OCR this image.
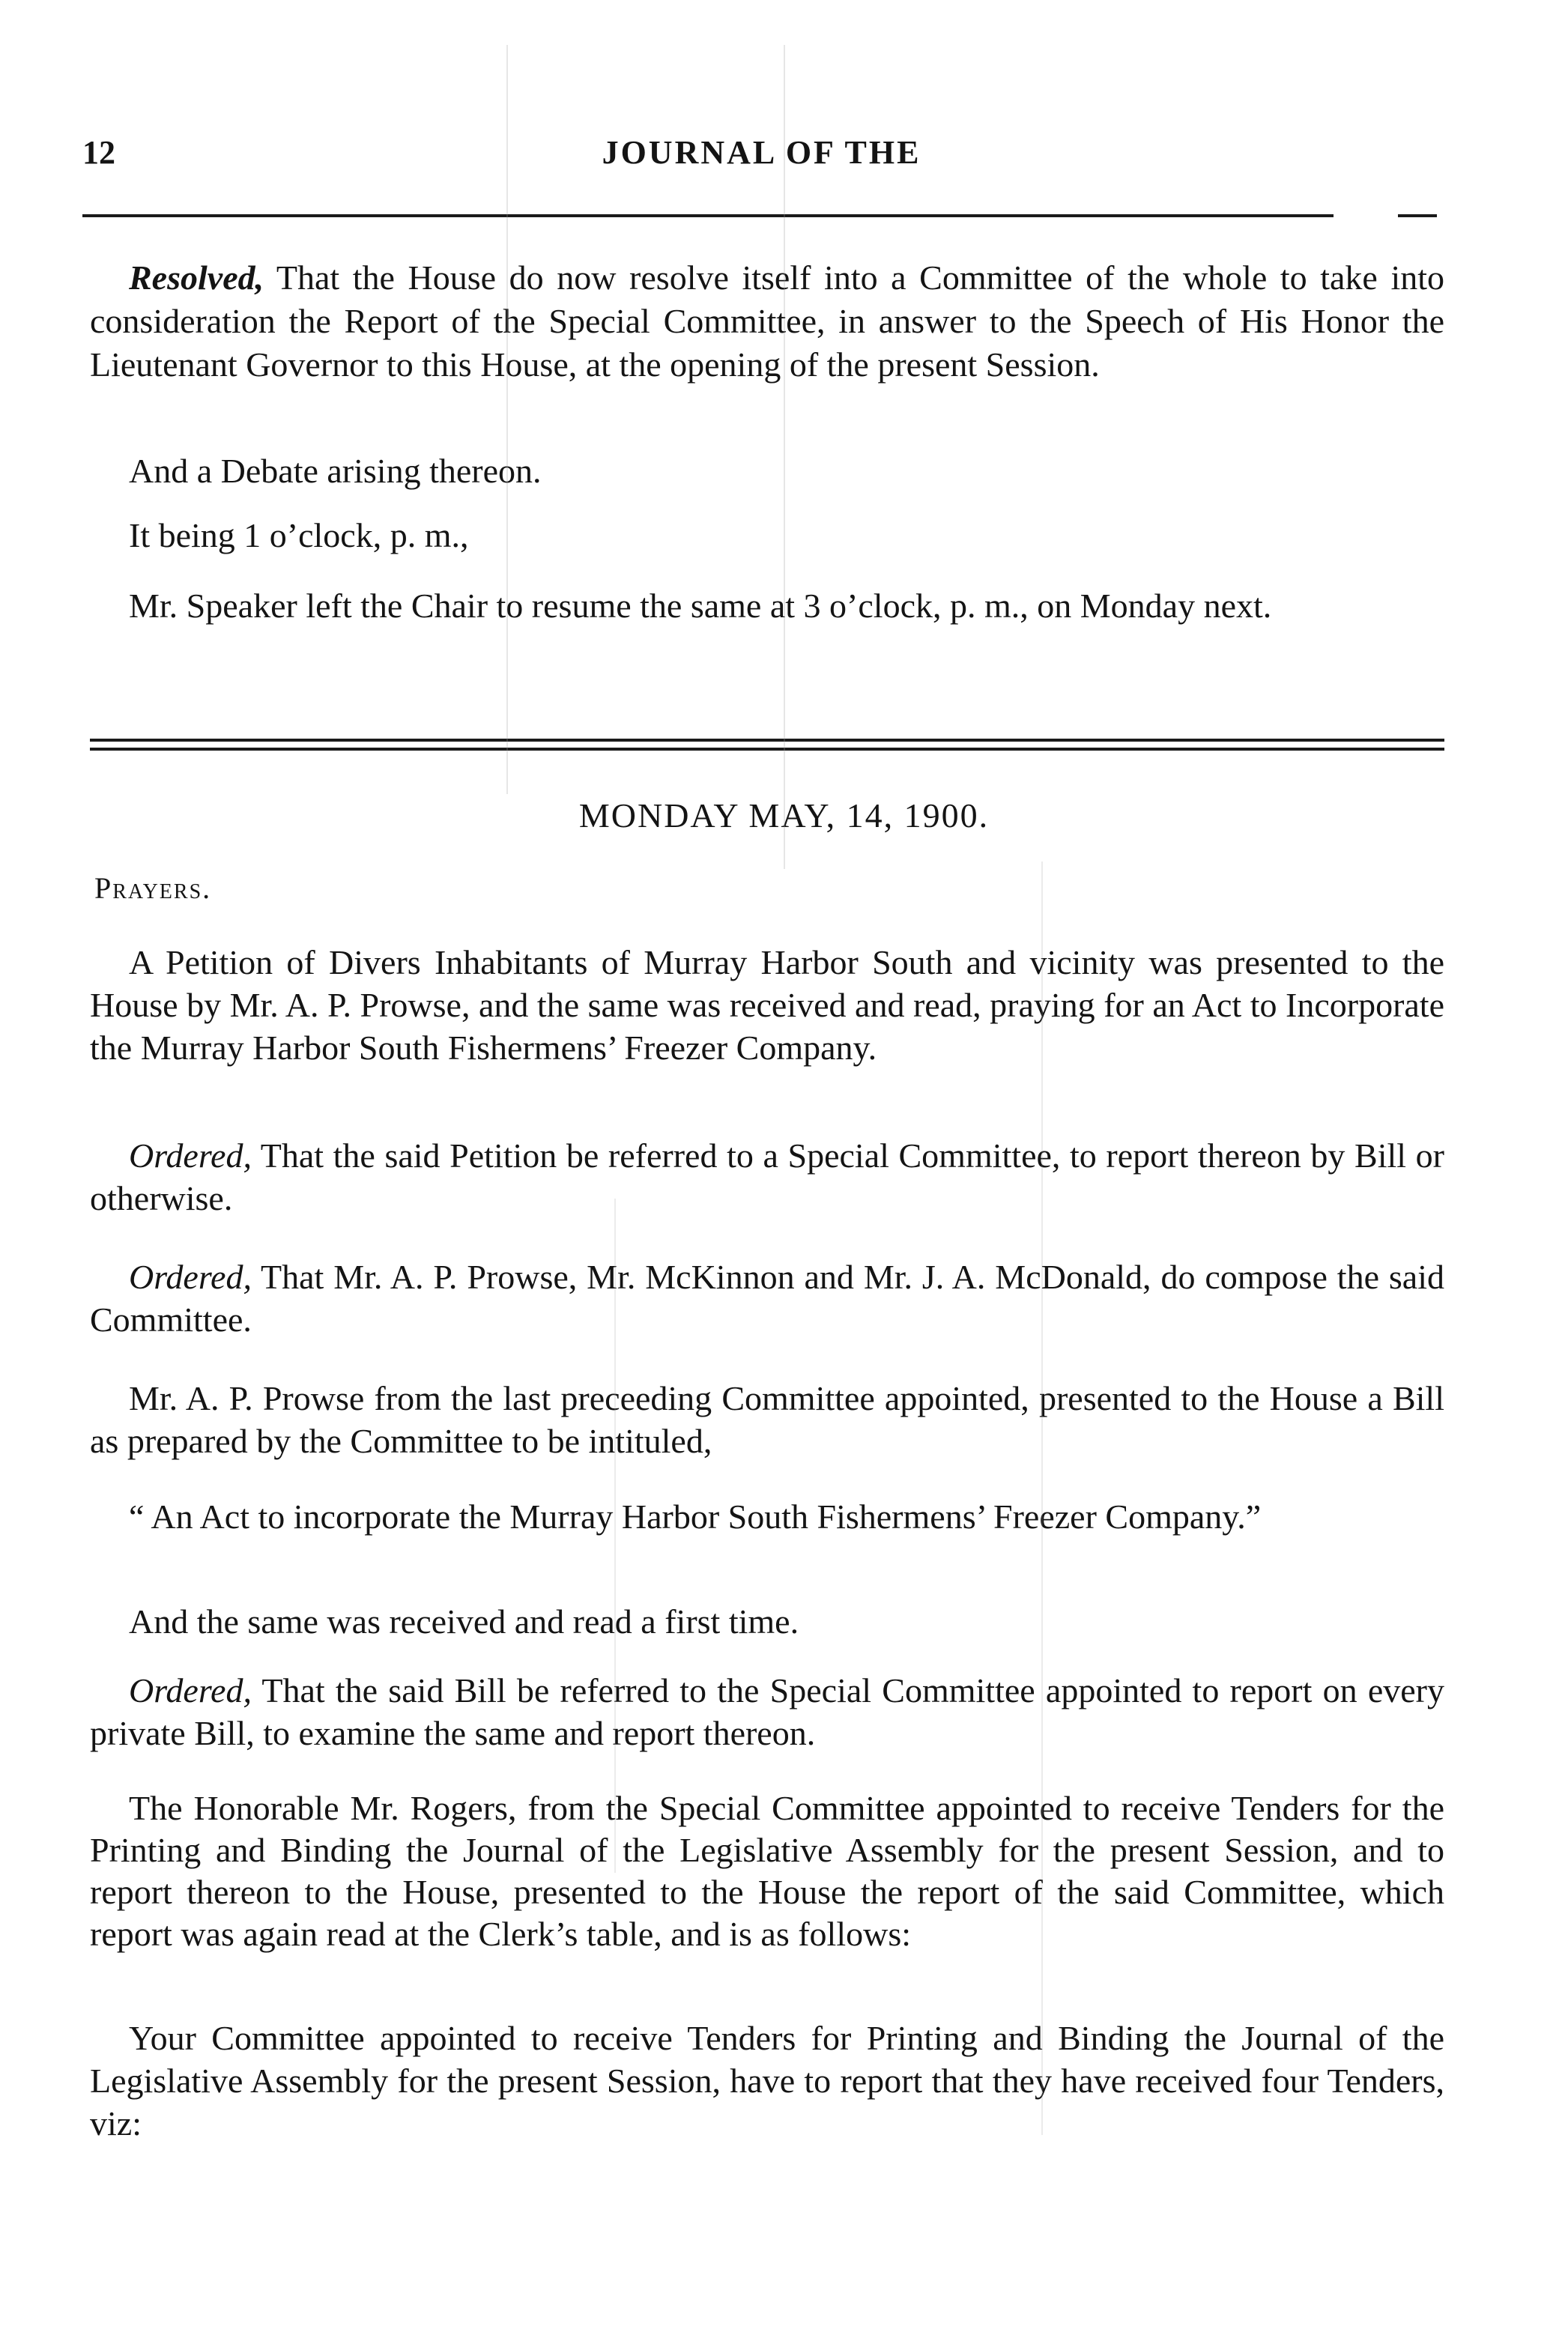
12	JOURNAL OF THE

Resolved, That the House do now resolve itself into a Committee of the whole to take into consideration the Report of the Special Committee, in answer to the Speech of His Honor the Lieutenant Governor to this House, at the opening of the present Session.

And a Debate arising thereon.

It being 1 o’clock, p. m.,

Mr. Speaker left the Chair to resume the same at 3 o’clock, p. m., on Monday next.

MONDAY MAY, 14, 1900.
Prayers.

A Petition of Divers Inhabitants of Murray Harbor South and vicinity was presented to the House by Mr. A. P. Prowse, and the same was received and read, praying for an Act to Incorporate the Murray Harbor South Fishermens’ Freezer Company.

Ordered, That the said Petition be referred to a Special Committee, to report thereon by Bill or otherwise.

Ordered, That Mr. A. P. Prowse, Mr. McKinnon and Mr. J. A. McDonald, do compose the said Committee.

Mr. A. P. Prowse from the last preceeding Committee appointed, presented to the House a Bill as prepared by the Committee to be intituled,

“ An Act to incorporate the Murray Harbor South Fishermens’ Freezer Company.”

And the same was received and read a first time.

Ordered, That the said Bill be referred to the Special Committee appointed to report on every private Bill, to examine the same and report thereon.

The Honorable Mr. Rogers, from the Special Committee appointed to receive Tenders for the Printing and Binding the Journal of the Legislative Assembly for the present Session, and to report thereon to the House, presented to the House the report of the said Committee, which report was again read at the Clerk’s table, and is as follows:

Your Committee appointed to receive Tenders for Printing and Binding the Journal of the Legislative Assembly for the present Session, have to report that they have received four Tenders, viz:
